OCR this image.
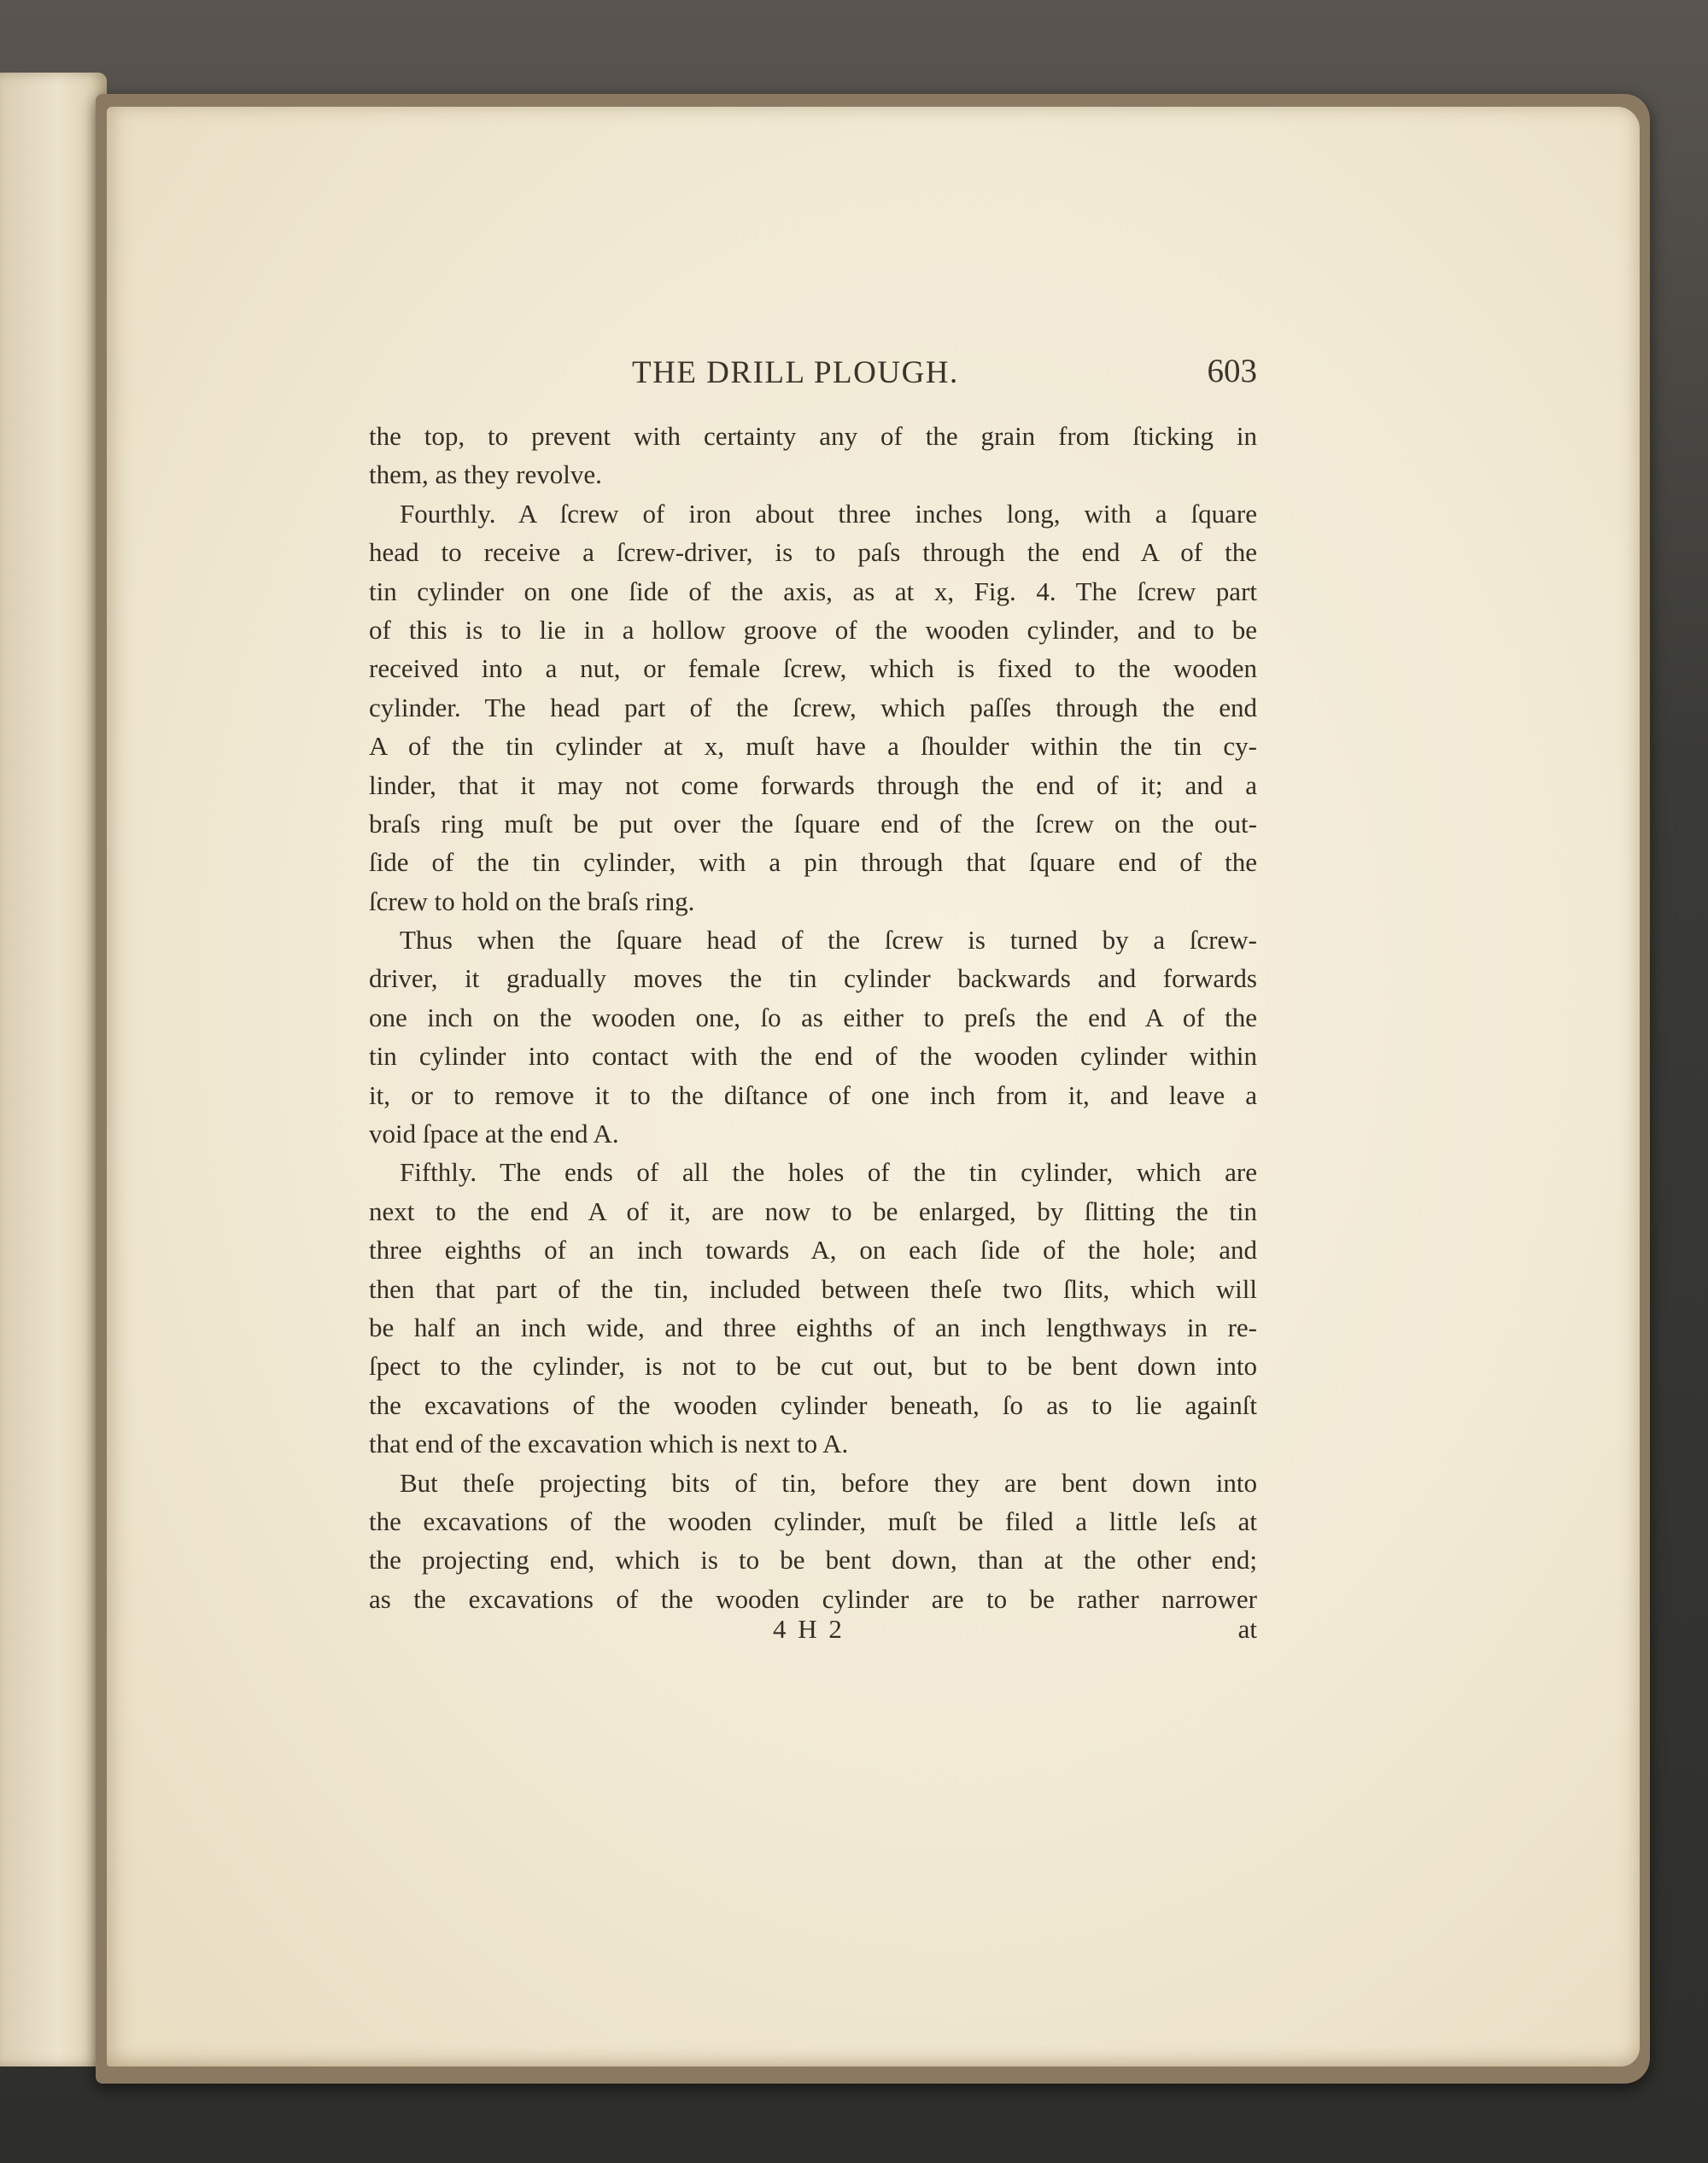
THE DRILL PLOUGH.	603
the top, to prevent with certainty any of the grain from ſticking in
them, as they revolve.
Fourthly. A ſcrew of iron about three inches long, with a ſquare
head to receive a ſcrew-driver, is to paſs through the end A of the
tin cylinder on one ſide of the axis, as at x, Fig. 4. The ſcrew part
of this is to lie in a hollow groove of the wooden cylinder, and to be
received into a nut, or female ſcrew, which is fixed to the wooden
cylinder. The head part of the ſcrew, which paſſes through the end
A of the tin cylinder at x, muſt have a ſhoulder within the tin cy-
linder, that it may not come forwards through the end of it; and a
braſs ring muſt be put over the ſquare end of the ſcrew on the out-
ſide of the tin cylinder, with a pin through that ſquare end of the
ſcrew to hold on the braſs ring.
Thus when the ſquare head of the ſcrew is turned by a ſcrew-
driver, it gradually moves the tin cylinder backwards and forwards
one inch on the wooden one, ſo as either to preſs the end A of the
tin cylinder into contact with the end of the wooden cylinder within
it, or to remove it to the diſtance of one inch from it, and leave a
void ſpace at the end A.
Fifthly. The ends of all the holes of the tin cylinder, which are
next to the end A of it, are now to be enlarged, by ſlitting the tin
three eighths of an inch towards A, on each ſide of the hole; and
then that part of the tin, included between theſe two ſlits, which will
be half an inch wide, and three eighths of an inch lengthways in re-
ſpect to the cylinder, is not to be cut out, but to be bent down into
the excavations of the wooden cylinder beneath, ſo as to lie againſt
that end of the excavation which is next to A.
But theſe projecting bits of tin, before they are bent down into
the excavations of the wooden cylinder, muſt be filed a little leſs at
the projecting end, which is to be bent down, than at the other end;
as the excavations of the wooden cylinder are to be rather narrower
4 H 2	at
